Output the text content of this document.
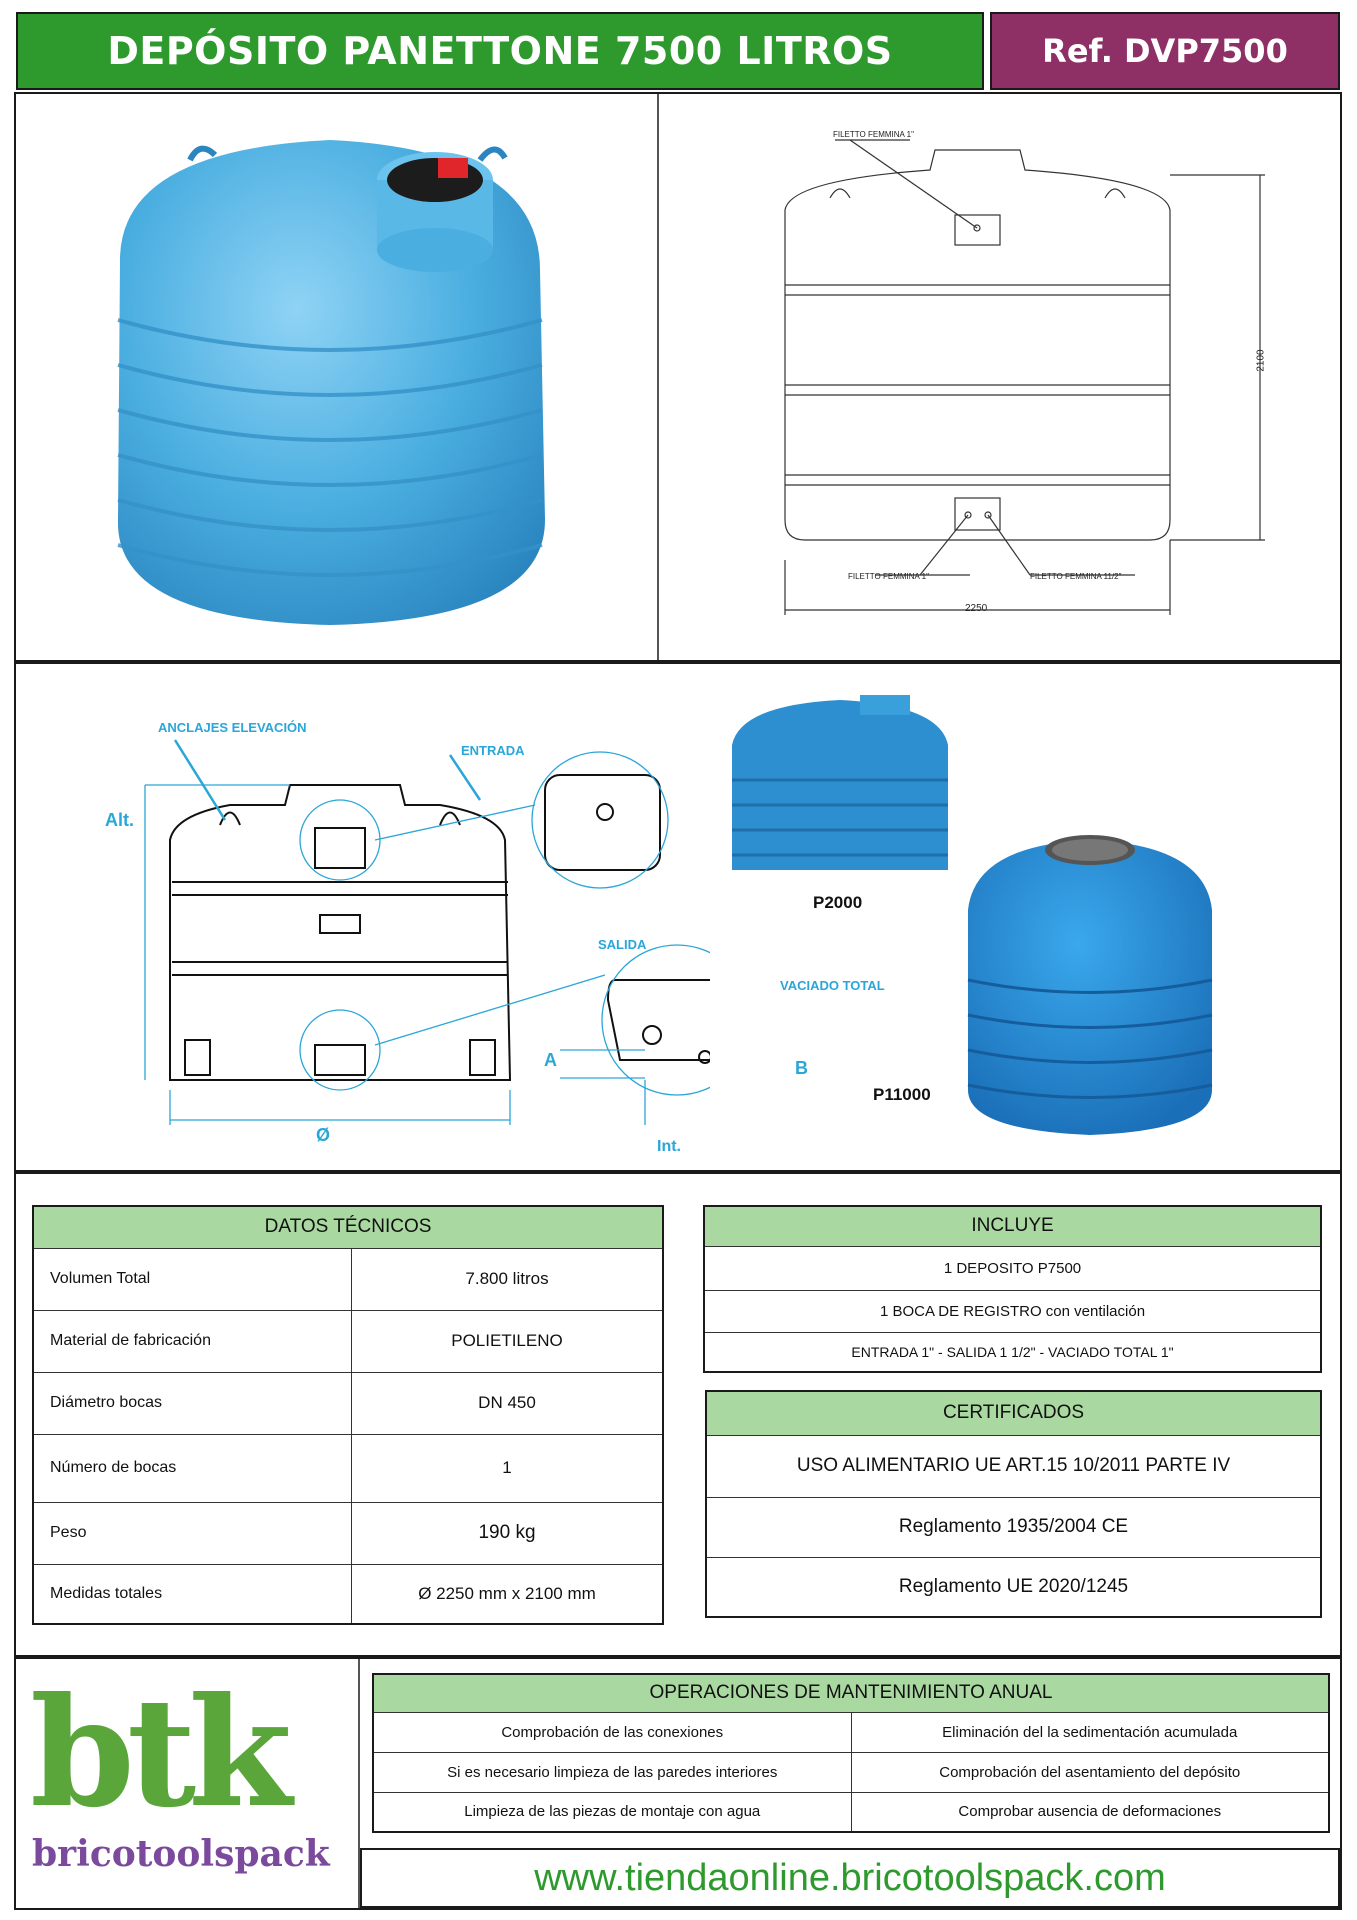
DEPÓSITO PANETTONE 7500 LITROS	Ref. DVP7500
FILETTO FEMMINA 1"
FILETTO FEMMINA 1"	FILETTO FEMMINA 11/2"
2100
2250
ANCLAJES ELEVACIÓN
ENTRADA
SALIDA
VACIADO TOTAL
Alt.
Ø
Int.
A	B
P2000
P11000
DATOS TÉCNICOS	
Volumen Total	7.800 litros
Material de fabricación	POLIETILENO
Diámetro bocas	DN 450
Número de bocas	1
Peso	190 kg
Medidas totales	Ø 2250 mm x 2100 mm
INCLUYE
1 DEPOSITO P7500
1 BOCA DE REGISTRO con ventilación
ENTRADA 1" - SALIDA 1 1/2" - VACIADO TOTAL 1"
CERTIFICADOS
USO ALIMENTARIO UE ART.15 10/2011 PARTE IV
Reglamento 1935/2004 CE
Reglamento UE 2020/1245
btk
bricotoolspack
OPERACIONES DE MANTENIMIENTO ANUAL	
Comprobación de las conexiones	Eliminación del la sedimentación acumulada
Si es necesario limpieza de las paredes interiores	Comprobación del asentamiento del depósito
Limpieza de las piezas de montaje con agua	Comprobar ausencia de deformaciones
www.tiendaonline.bricotoolspack.com
